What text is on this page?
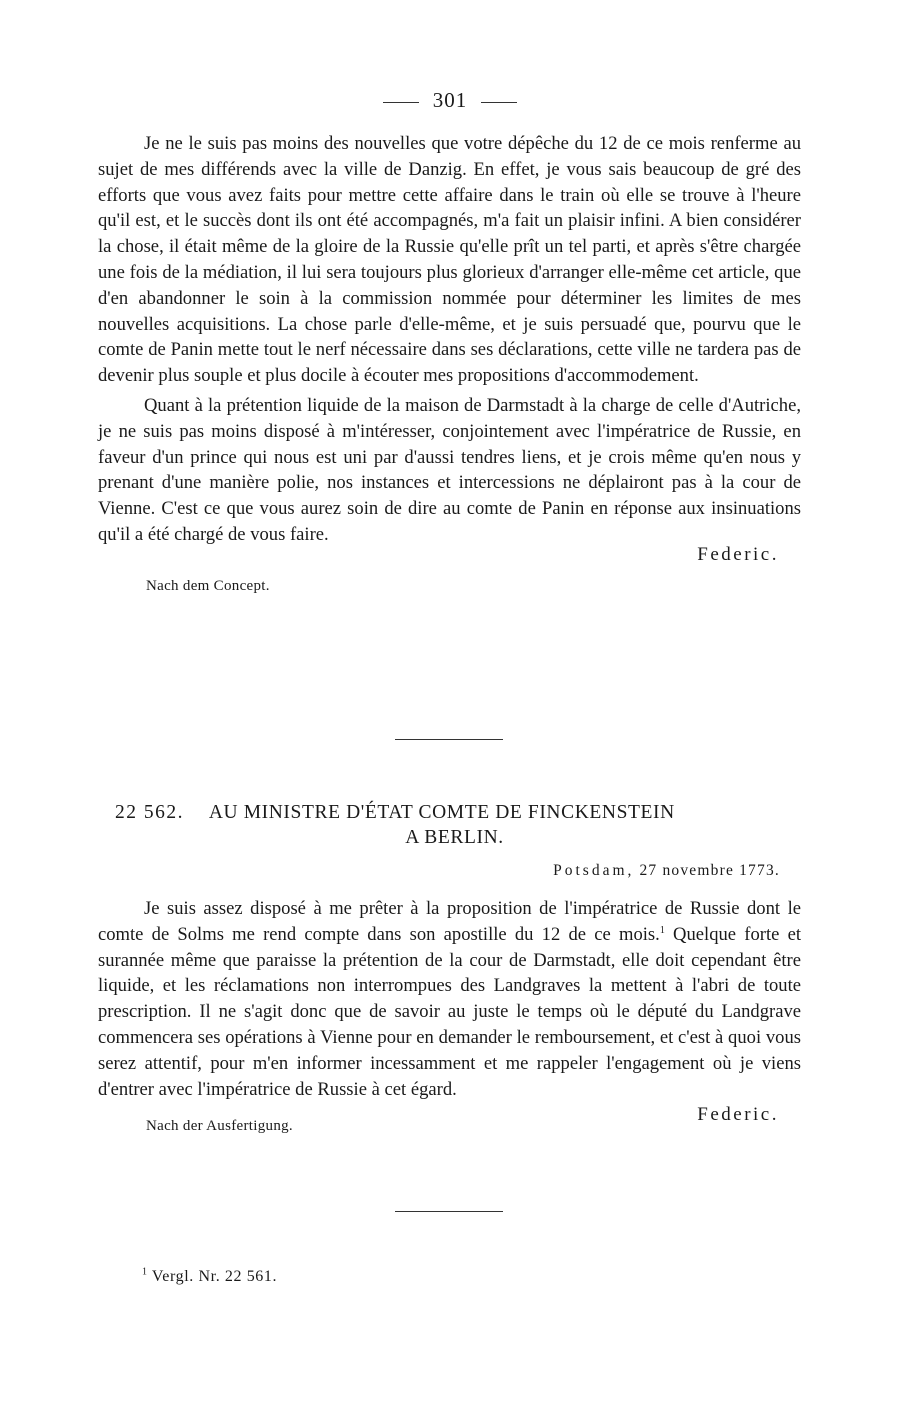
301

Je ne le suis pas moins des nouvelles que votre dépêche du 12 de ce mois renferme au sujet de mes différends avec la ville de Danzig. En effet, je vous sais beaucoup de gré des efforts que vous avez faits pour mettre cette affaire dans le train où elle se trouve à l'heure qu'il est, et le succès dont ils ont été accompagnés, m'a fait un plaisir infini. A bien considérer la chose, il était même de la gloire de la Russie qu'elle prît un tel parti, et après s'être chargée une fois de la médiation, il lui sera toujours plus glorieux d'arranger elle-même cet article, que d'en abandonner le soin à la commission nommée pour déterminer les limites de mes nouvelles acquisitions. La chose parle d'elle-même, et je suis persuadé que, pourvu que le comte de Panin mette tout le nerf nécessaire dans ses déclarations, cette ville ne tardera pas de devenir plus souple et plus docile à écouter mes propositions d'accommodement.

Quant à la prétention liquide de la maison de Darmstadt à la charge de celle d'Autriche, je ne suis pas moins disposé à m'intéresser, conjointement avec l'impératrice de Russie, en faveur d'un prince qui nous est uni par d'aussi tendres liens, et je crois même qu'en nous y prenant d'une manière polie, nos instances et intercessions ne déplairont pas à la cour de Vienne. C'est ce que vous aurez soin de dire au comte de Panin en réponse aux insinuations qu'il a été chargé de vous faire.

Federic.
Nach dem Concept.
22 562. AU MINISTRE D'ÉTAT COMTE DE FINCKENSTEIN
A BERLIN.
Potsdam, 27 novembre 1773.

Je suis assez disposé à me prêter à la proposition de l'impératrice de Russie dont le comte de Solms me rend compte dans son apostille du 12 de ce mois.$^1$ Quelque forte et surannée même que paraisse la prétention de la cour de Darmstadt, elle doit cependant être liquide, et les réclamations non interrompues des Landgraves la mettent à l'abri de toute prescription. Il ne s'agit donc que de savoir au juste le temps où le député du Landgrave commencera ses opérations à Vienne pour en demander le remboursement, et c'est à quoi vous serez attentif, pour m'en informer incessamment et me rappeler l'engagement où je viens d'entrer avec l'impératrice de Russie à cet égard.

Nach der Ausfertigung.
Federic.
$^1$ Vergl. Nr. 22 561.
